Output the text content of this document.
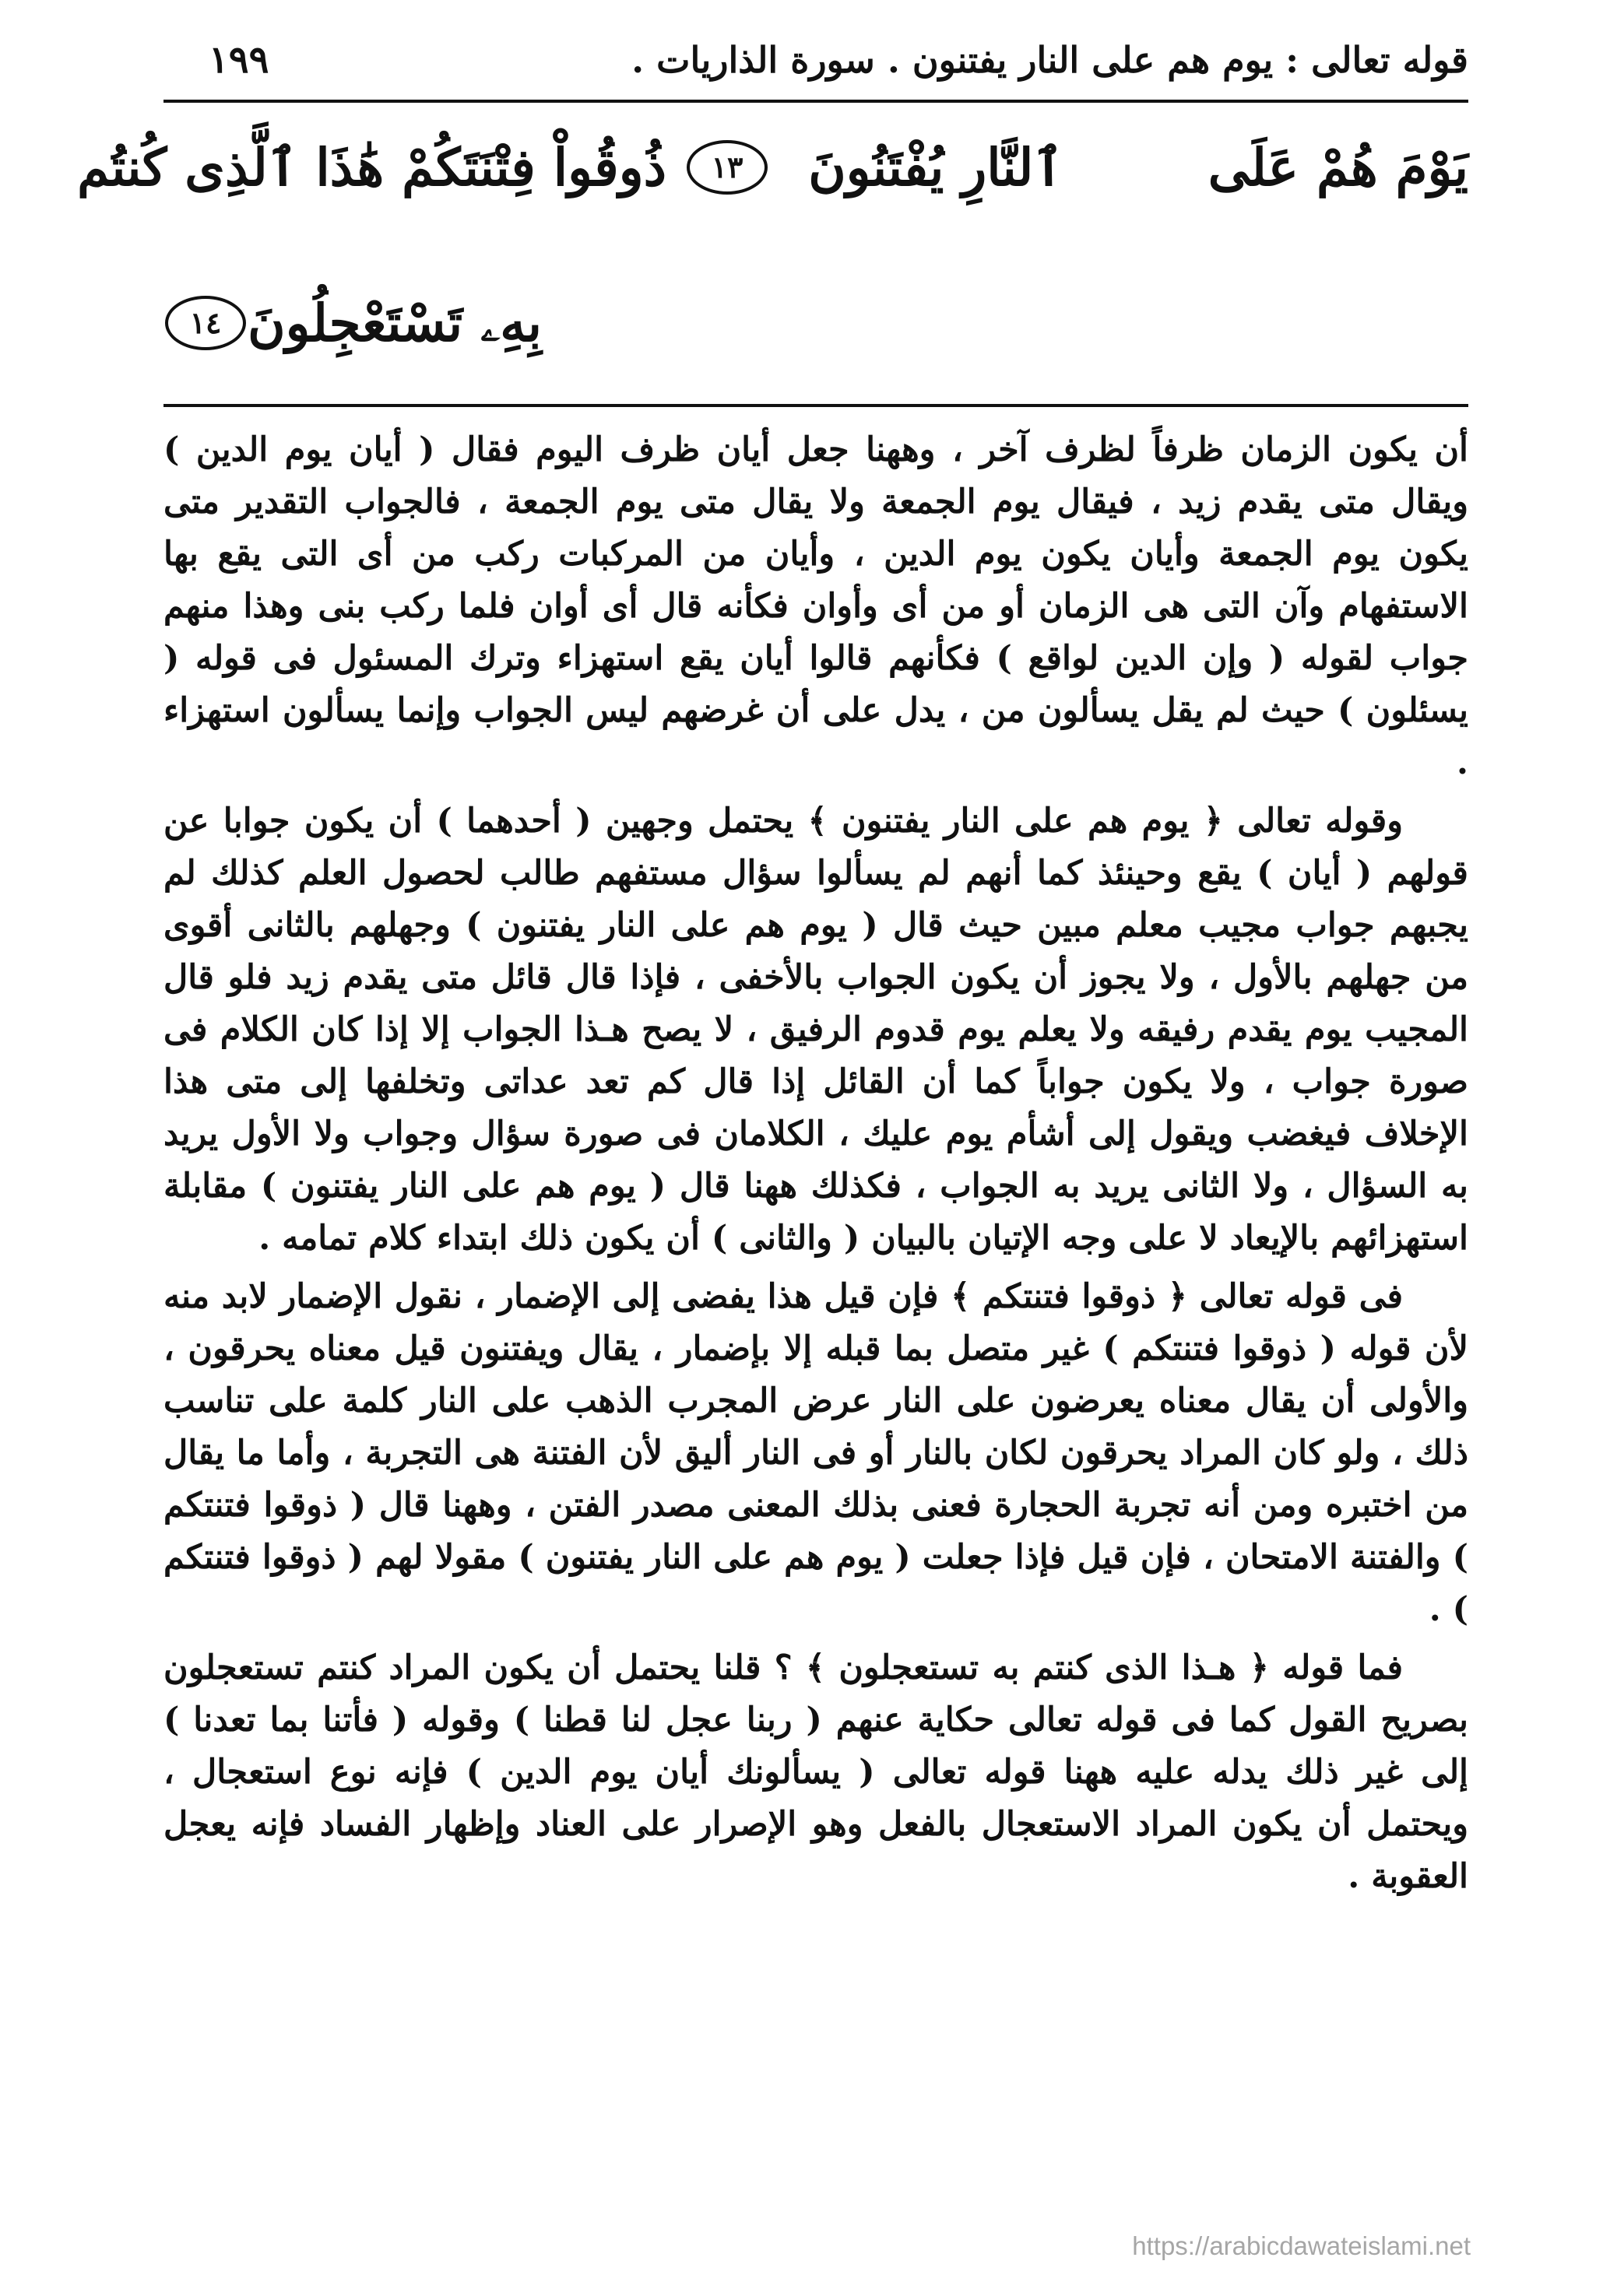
قوله تعالى : يوم هم على النار يفتنون . سورة الذاريات .
١٩٩
يَوْمَ هُمْ عَلَى
ٱلنَّارِ يُفْتَنُونَ
١٣
ذُوقُواْ فِتْنَتَكُمْ هَٰذَا ٱلَّذِى كُنتُم
بِهِۦ تَسْتَعْجِلُونَ
١٤

أن يكون الزمان ظرفاً لظرف آخر ، وههنا جعل أيان ظرف اليوم فقال ( أيان يوم الدين ) ويقال متى يقدم زيد ، فيقال يوم الجمعة ولا يقال متى يوم الجمعة ، فالجواب التقدير متى يكون يوم الجمعة وأيان يكون يوم الدين ، وأيان من المركبات ركب من أى التى يقع بها الاستفهام وآن التى هى الزمان أو من أى وأوان فكأنه قال أى أوان فلما ركب بنى وهذا منهم جواب لقوله ( وإن الدين لواقع ) فكأنهم قالوا أيان يقع استهزاء وترك المسئول فى قوله ( يسئلون ) حيث لم يقل يسألون من ، يدل على أن غرضهم ليس الجواب وإنما يسألون استهزاء .

وقوله تعالى ﴿ يوم هم على النار يفتنون ﴾ يحتمل وجهين ( أحدهما ) أن يكون جوابا عن قولهم ( أيان ) يقع وحينئذ كما أنهم لم يسألوا سؤال مستفهم طالب لحصول العلم كذلك لم يجبهم جواب مجيب معلم مبين حيث قال ( يوم هم على النار يفتنون ) وجهلهم بالثانى أقوى من جهلهم بالأول ، ولا يجوز أن يكون الجواب بالأخفى ، فإذا قال قائل متى يقدم زيد فلو قال المجيب يوم يقدم رفيقه ولا يعلم يوم قدوم الرفيق ، لا يصح هـذا الجواب إلا إذا كان الكلام فى صورة جواب ، ولا يكون جواباً كما أن القائل إذا قال كم تعد عداتى وتخلفها إلى متى هذا الإخلاف فيغضب ويقول إلى أشأم يوم عليك ، الكلامان فى صورة سؤال وجواب ولا الأول يريد به السؤال ، ولا الثانى يريد به الجواب ، فكذلك ههنا قال ( يوم هم على النار يفتنون ) مقابلة استهزائهم بالإيعاد لا على وجه الإتيان بالبيان ( والثانى ) أن يكون ذلك ابتداء كلام تمامه .

فى قوله تعالى ﴿ ذوقوا فتنتكم ﴾ فإن قيل هذا يفضى إلى الإضمار ، نقول الإضمار لابد منه لأن قوله ( ذوقوا فتنتكم ) غير متصل بما قبله إلا بإضمار ، يقال ويفتنون قيل معناه يحرقون ، والأولى أن يقال معناه يعرضون على النار عرض المجرب الذهب على النار كلمة على تناسب ذلك ، ولو كان المراد يحرقون لكان بالنار أو فى النار أليق لأن الفتنة هى التجربة ، وأما ما يقال من اختبره ومن أنه تجربة الحجارة فعنى بذلك المعنى مصدر الفتن ، وههنا قال ( ذوقوا فتنتكم ) والفتنة الامتحان ، فإن قيل فإذا جعلت ( يوم هم على النار يفتنون ) مقولا لهم ( ذوقوا فتنتكم ) .

فما قوله ﴿ هـذا الذى كنتم به تستعجلون ﴾ ؟ قلنا يحتمل أن يكون المراد كنتم تستعجلون بصريح القول كما فى قوله تعالى حكاية عنهم ( ربنا عجل لنا قطنا ) وقوله ( فأتنا بما تعدنا ) إلى غير ذلك يدله عليه ههنا قوله تعالى ( يسألونك أيان يوم الدين ) فإنه نوع استعجال ، ويحتمل أن يكون المراد الاستعجال بالفعل وهو الإصرار على العناد وإظهار الفساد فإنه يعجل العقوبة .

https://arabicdawateislami.net
